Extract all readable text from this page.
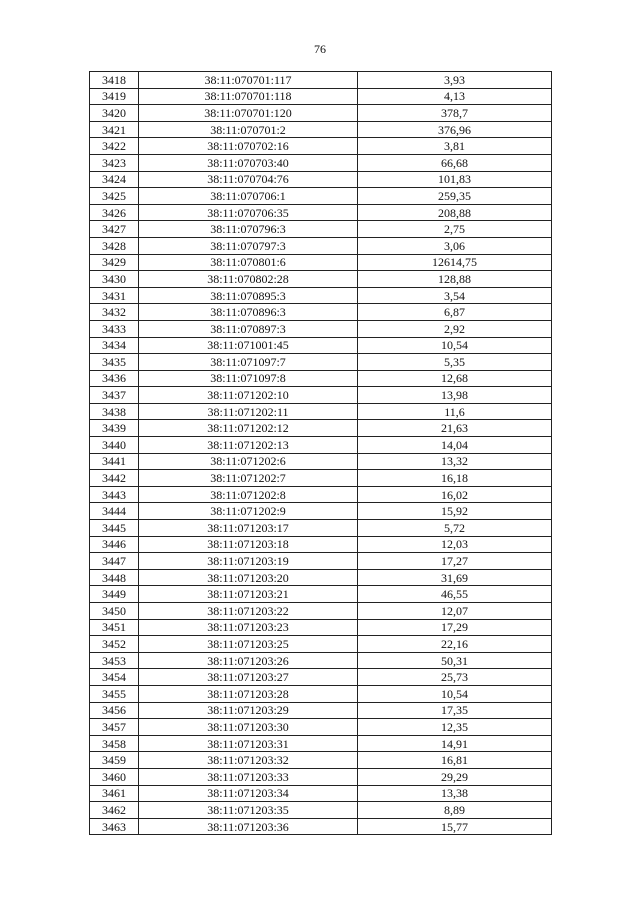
76
3418	38:11:070701:117	3,93
3419	38:11:070701:118	4,13
3420	38:11:070701:120	378,7
3421	38:11:070701:2	376,96
3422	38:11:070702:16	3,81
3423	38:11:070703:40	66,68
3424	38:11:070704:76	101,83
3425	38:11:070706:1	259,35
3426	38:11:070706:35	208,88
3427	38:11:070796:3	2,75
3428	38:11:070797:3	3,06
3429	38:11:070801:6	12614,75
3430	38:11:070802:28	128,88
3431	38:11:070895:3	3,54
3432	38:11:070896:3	6,87
3433	38:11:070897:3	2,92
3434	38:11:071001:45	10,54
3435	38:11:071097:7	5,35
3436	38:11:071097:8	12,68
3437	38:11:071202:10	13,98
3438	38:11:071202:11	11,6
3439	38:11:071202:12	21,63
3440	38:11:071202:13	14,04
3441	38:11:071202:6	13,32
3442	38:11:071202:7	16,18
3443	38:11:071202:8	16,02
3444	38:11:071202:9	15,92
3445	38:11:071203:17	5,72
3446	38:11:071203:18	12,03
3447	38:11:071203:19	17,27
3448	38:11:071203:20	31,69
3449	38:11:071203:21	46,55
3450	38:11:071203:22	12,07
3451	38:11:071203:23	17,29
3452	38:11:071203:25	22,16
3453	38:11:071203:26	50,31
3454	38:11:071203:27	25,73
3455	38:11:071203:28	10,54
3456	38:11:071203:29	17,35
3457	38:11:071203:30	12,35
3458	38:11:071203:31	14,91
3459	38:11:071203:32	16,81
3460	38:11:071203:33	29,29
3461	38:11:071203:34	13,38
3462	38:11:071203:35	8,89
3463	38:11:071203:36	15,77
